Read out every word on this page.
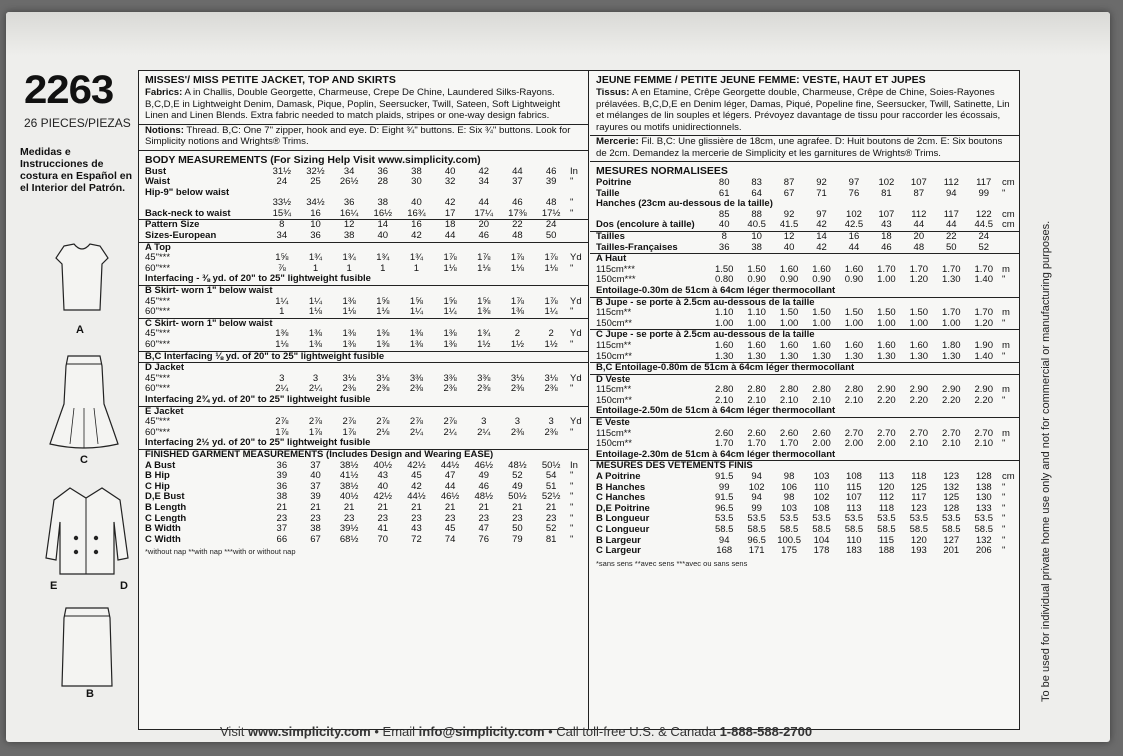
2263
26 PIECES/PIEZAS
Medidas e Instrucciones de costura en Español en el Interior del Patrón.
A
C
E	D
B
MISSES'/ MISS PETITE JACKET, TOP AND SKIRTS
Fabrics: A in Challis, Double Georgette, Charmeuse, Crepe De Chine, Laundered Silks-Rayons. B,C,D,E in Lightweight Denim, Damask, Pique, Poplin, Seersucker, Twill, Sateen, Soft Lightweight Linen and Linen Blends. Extra fabric needed to match plaids, stripes or one-way design fabrics.
Notions: Thread. B,C: One 7" zipper, hook and eye. D: Eight ¾" buttons. E: Six ¾" buttons. Look for Simplicity notions and Wrights® Trims.
BODY MEASUREMENTS (For Sizing Help Visit www.simplicity.com)
Bust	31½	32½	34	36	38	40	42	44	46	In
Waist	24	25	26½	28	30	32	34	37	39	"
Hip-9" below waist										
	33½	34½	36	38	40	42	44	46	48	"
Back-neck to waist	15¾	16	16¼	16½	16¾	17	17¼	17⅜	17½	"
Pattern Size	8	10	12	14	16	18	20	22	24	
Sizes-European	34	36	38	40	42	44	46	48	50	
A Top										
45"***	1⅝	1¾	1¾	1¾	1¾	1⅞	1⅞	1⅞	1⅞	Yd
60"***	⅞	1	1	1	1	1⅛	1⅛	1⅛	1⅛	"
Interfacing - ⅜ yd. of 20" to 25" lightweight fusible										
B Skirt- worn 1" below waist										
45"***	1¼	1¼	1⅜	1⅝	1⅝	1⅝	1⅝	1⅞	1⅞	Yd
60"***	1	1⅛	1⅛	1⅛	1¼	1¼	1⅜	1⅜	1¼	"
C Skirt- worn 1" below waist										
45"***	1⅜	1⅜	1⅜	1⅜	1⅜	1⅜	1¾	2	2	Yd
60"***	1⅛	1⅜	1⅜	1⅜	1⅜	1⅜	1½	1½	1½	"
B,C Interfacing ⅛ yd. of 20" to 25" lightweight fusible										
D Jacket										
45"***	3	3	3⅛	3⅛	3⅜	3⅜	3⅜	3⅛	3⅛	Yd
60"***	2¼	2¼	2⅜	2⅜	2⅜	2⅜	2⅜	2⅜	2⅜	"
Interfacing 2¾ yd. of 20" to 25" lightweight fusible										
E Jacket										
45"***	2⅞	2⅞	2⅞	2⅞	2⅞	2⅞	3	3	3	Yd
60"***	1⅞	1⅞	1⅞	2⅛	2¼	2¼	2¼	2⅜	2⅜	"
Interfacing 2½ yd. of 20" to 25" lightweight fusible										
FINISHED GARMENT MEASUREMENTS (Includes Design and Wearing EASE)										
A Bust	36	37	38½	40½	42½	44½	46½	48½	50½	In
B Hip	39	40	41½	43	45	47	49	52	54	"
C Hip	36	37	38½	40	42	44	46	49	51	"
D,E Bust	38	39	40½	42½	44½	46½	48½	50½	52½	"
B Length	21	21	21	21	21	21	21	21	21	"
C Length	23	23	23	23	23	23	23	23	23	"
B Width	37	38	39½	41	43	45	47	50	52	"
C Width	66	67	68½	70	72	74	76	79	81	"
*without nap **with nap ***with or without nap
JEUNE FEMME / PETITE JEUNE FEMME: VESTE, HAUT ET JUPES
Tissus: A en Etamine, Crêpe Georgette double, Charmeuse, Crêpe de Chine, Soies-Rayones prélavées. B,C,D,E en Denim léger, Damas, Piqué, Popeline fine, Seersucker, Twill, Satinette, Lin et mélanges de lin souples et légers. Prévoyez davantage de tissu pour raccorder les écossais, rayures ou motifs unidirectionnels.
Mercerie: Fil. B,C: Une glissière de 18cm, une agrafee. D: Huit boutons de 2cm. E: Six boutons de 2cm. Demandez la mercerie de Simplicity et les garnitures de Wrights® Trims.
MESURES NORMALISEES
Poitrine	80	83	87	92	97	102	107	112	117	cm
Taille	61	64	67	71	76	81	87	94	99	"
Hanches (23cm au-dessous de la taille)										
	85	88	92	97	102	107	112	117	122	cm
Dos (encolure à taille)	40	40.5	41.5	42	42.5	43	44	44	44.5	cm
Tailles	8	10	12	14	16	18	20	22	24	
Tailles-Françaises	36	38	40	42	44	46	48	50	52	
A Haut										
115cm***	1.50	1.50	1.60	1.60	1.60	1.70	1.70	1.70	1.70	m
150cm***	0.80	0.90	0.90	0.90	0.90	1.00	1.20	1.30	1.40	"
Entoilage-0.30m de 51cm à 64cm léger thermocollant										
B Jupe - se porte à 2.5cm au-dessous de la taille										
115cm**	1.10	1.10	1.50	1.50	1.50	1.50	1.50	1.70	1.70	m
150cm**	1.00	1.00	1.00	1.00	1.00	1.00	1.00	1.00	1.20	"
C Jupe - se porte à 2.5cm au-dessous de la taille										
115cm**	1.60	1.60	1.60	1.60	1.60	1.60	1.60	1.80	1.90	m
150cm**	1.30	1.30	1.30	1.30	1.30	1.30	1.30	1.30	1.40	"
B,C Entoilage-0.80m de 51cm à 64cm léger thermocollant										
D Veste										
115cm**	2.80	2.80	2.80	2.80	2.80	2.90	2.90	2.90	2.90	m
150cm**	2.10	2.10	2.10	2.10	2.10	2.20	2.20	2.20	2.20	"
Entoilage-2.50m de 51cm à 64cm léger thermocollant										
E Veste										
115cm**	2.60	2.60	2.60	2.60	2.70	2.70	2.70	2.70	2.70	m
150cm**	1.70	1.70	1.70	2.00	2.00	2.00	2.10	2.10	2.10	"
Entoilage-2.30m de 51cm à 64cm léger thermocollant										
MESURES DES VETEMENTS FINIS										
A Poitrine	91.5	94	98	103	108	113	118	123	128	cm
B Hanches	99	102	106	110	115	120	125	132	138	"
C Hanches	91.5	94	98	102	107	112	117	125	130	"
D,E Poitrine	96.5	99	103	108	113	118	123	128	133	"
B Longueur	53.5	53.5	53.5	53.5	53.5	53.5	53.5	53.5	53.5	"
C Longueur	58.5	58.5	58.5	58.5	58.5	58.5	58.5	58.5	58.5	"
B Largeur	94	96.5	100.5	104	110	115	120	127	132	"
C Largeur	168	171	175	178	183	188	193	201	206	"
*sans sens **avec sens ***avec ou sans sens	To be used for individual private home use only and not for commercial or manufacturing purposes.
Visit www.simplicity.com • Email info@simplicity.com • Call toll-free U.S. & Canada 1-888-588-2700
